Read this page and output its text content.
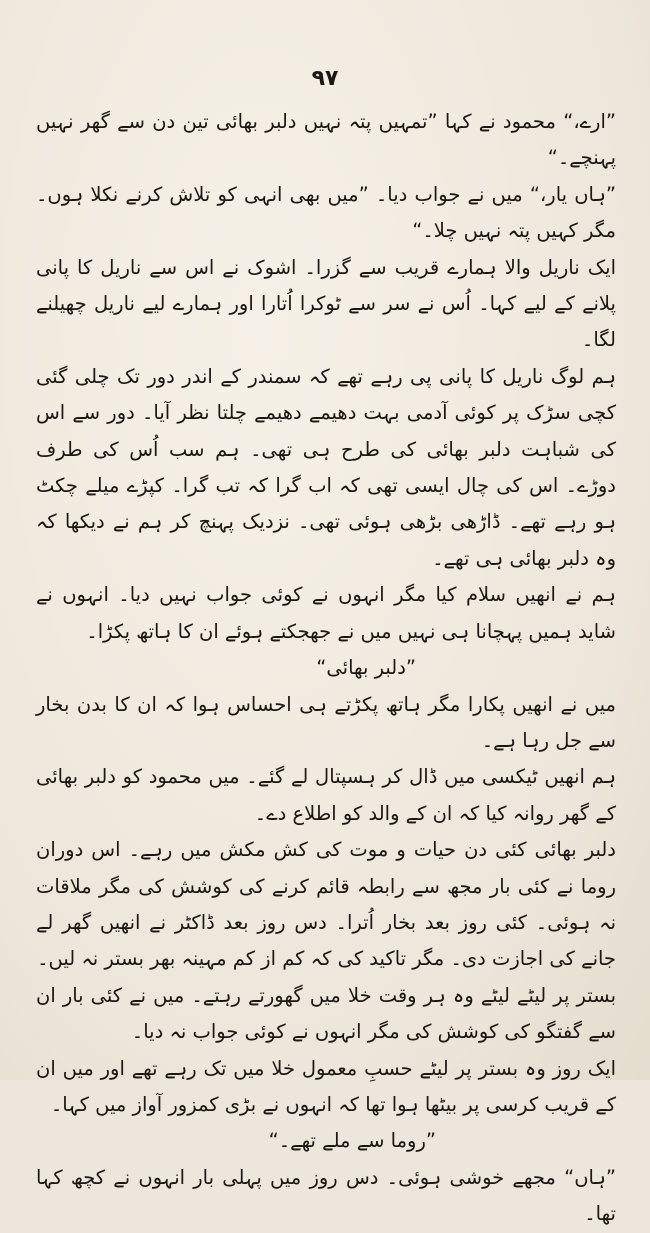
۹۷

”ارے،“ محمود نے کہا ”تمہیں پتہ نہیں دلبر بھائی تین دن سے گھر نہیں پہنچے۔“

”ہاں یار،“ میں نے جواب دیا۔ ”میں بھی انہی کو تلاش کرنے نکلا ہوں۔ مگر کہیں پتہ نہیں چلا۔“

ایک ناریل والا ہمارے قریب سے گزرا۔ اشوک نے اس سے ناریل کا پانی پلانے کے لیے کہا۔ اُس نے سر سے ٹوکرا اُتارا اور ہمارے لیے ناریل چھیلنے لگا۔

ہم لوگ ناریل کا پانی پی رہے تھے کہ سمندر کے اندر دور تک چلی گئی کچی سڑک پر کوئی آدمی بہت دھیمے دھیمے چلتا نظر آیا۔ دور سے اس کی شباہت دلبر بھائی کی طرح ہی تھی۔ ہم سب اُس کی طرف دوڑے۔ اس کی چال ایسی تھی کہ اب گرا کہ تب گرا۔ کپڑے میلے چکٹ ہو رہے تھے۔ ڈاڑھی بڑھی ہوئی تھی۔ نزدیک پہنچ کر ہم نے دیکھا کہ وہ دلبر بھائی ہی تھے۔

ہم نے انھیں سلام کیا مگر انہوں نے کوئی جواب نہیں دیا۔ انہوں نے شاید ہمیں پہچانا ہی نہیں میں نے جھجکتے ہوئے ان کا ہاتھ پکڑا۔

”دلبر بھائی“

میں نے انھیں پکارا مگر ہاتھ پکڑتے ہی احساس ہوا کہ ان کا بدن بخار سے جل رہا ہے۔

ہم انھیں ٹیکسی میں ڈال کر ہسپتال لے گئے۔ میں محمود کو دلبر بھائی کے گھر روانہ کیا کہ ان کے والد کو اطلاع دے۔

دلبر بھائی کئی دن حیات و موت کی کش مکش میں رہے۔ اس دوران روما نے کئی بار مجھ سے رابطہ قائم کرنے کی کوشش کی مگر ملاقات نہ ہوئی۔ کئی روز بعد بخار اُترا۔ دس روز بعد ڈاکٹر نے انھیں گھر لے جانے کی اجازت دی۔ مگر تاکید کی کہ کم از کم مہینہ بھر بستر نہ لیں۔

بستر پر لیٹے لیٹے وہ ہر وقت خلا میں گھورتے رہتے۔ میں نے کئی بار ان سے گفتگو کی کوشش کی مگر انہوں نے کوئی جواب نہ دیا۔

ایک روز وہ بستر پر لیٹے حسبِ معمول خلا میں تک رہے تھے اور میں ان کے قریب کرسی پر بیٹھا ہوا تھا کہ انہوں نے بڑی کمزور آواز میں کہا۔

”روما سے ملے تھے۔“

”ہاں“ مجھے خوشی ہوئی۔ دس روز میں پہلی بار انہوں نے کچھ کہا تھا۔
